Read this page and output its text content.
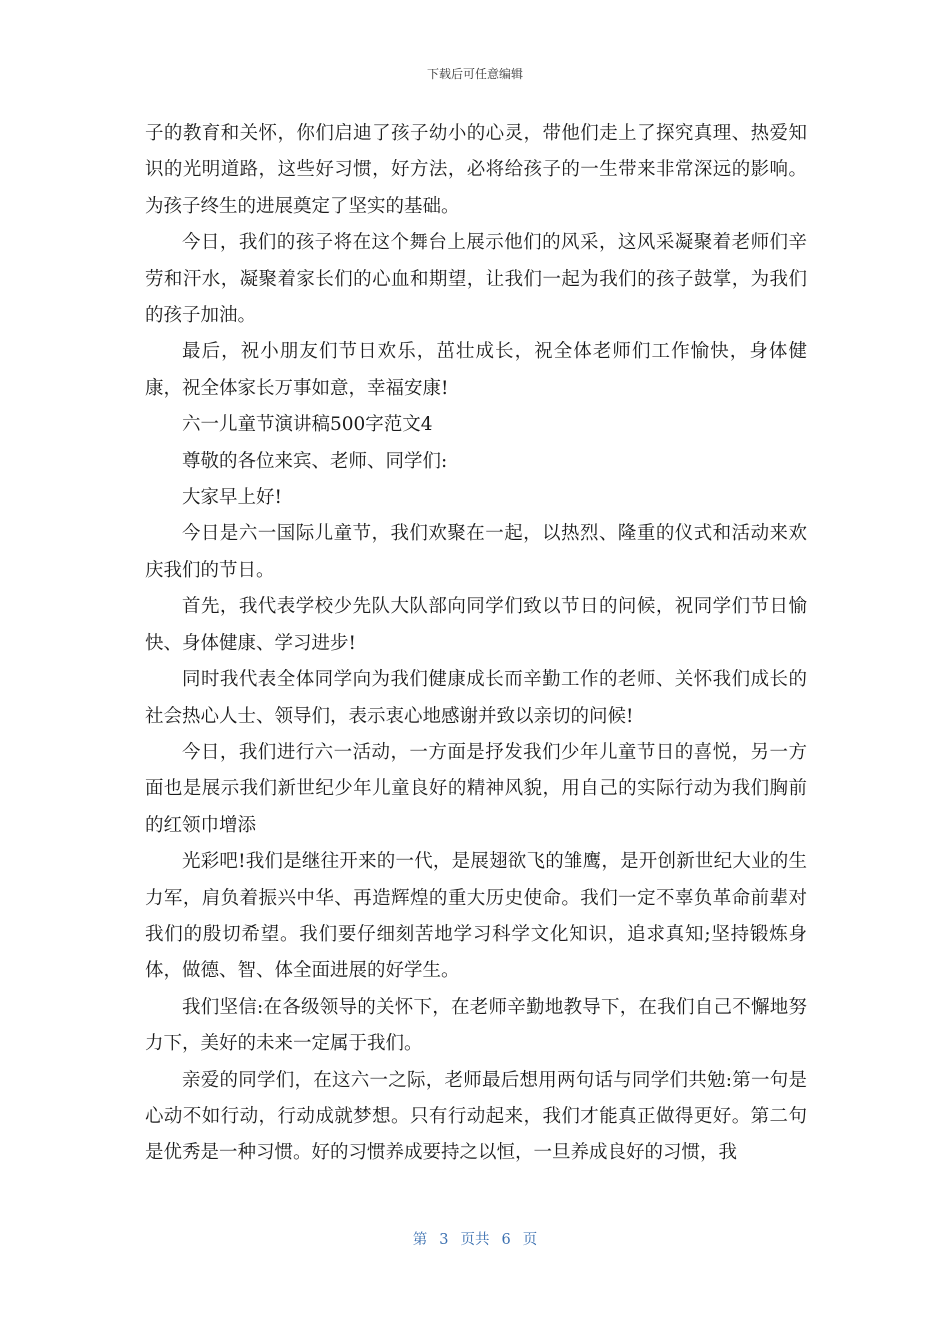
下载后可任意编辑

子的教育和关怀，你们启迪了孩子幼小的心灵，带他们走上了探究真理、热爱知识的光明道路，这些好习惯，好方法，必将给孩子的一生带来非常深远的影响。为孩子终生的进展奠定了坚实的基础。

今日，我们的孩子将在这个舞台上展示他们的风采，这风采凝聚着老师们辛劳和汗水，凝聚着家长们的心血和期望，让我们一起为我们的孩子鼓掌，为我们的孩子加油。

最后，祝小朋友们节日欢乐，茁壮成长，祝全体老师们工作愉快，身体健康，祝全体家长万事如意，幸福安康!

六一儿童节演讲稿500字范文4

尊敬的各位来宾、老师、同学们:

大家早上好!

今日是六一国际儿童节，我们欢聚在一起，以热烈、隆重的仪式和活动来欢庆我们的节日。

首先，我代表学校少先队大队部向同学们致以节日的问候，祝同学们节日愉快、身体健康、学习进步!

同时我代表全体同学向为我们健康成长而辛勤工作的老师、关怀我们成长的社会热心人士、领导们，表示衷心地感谢并致以亲切的问候!

今日，我们进行六一活动，一方面是抒发我们少年儿童节日的喜悦，另一方面也是展示我们新世纪少年儿童良好的精神风貌，用自己的实际行动为我们胸前的红领巾增添

光彩吧!我们是继往开来的一代，是展翅欲飞的雏鹰，是开创新世纪大业的生力军，肩负着振兴中华、再造辉煌的重大历史使命。我们一定不辜负革命前辈对我们的殷切希望。我们要仔细刻苦地学习科学文化知识，追求真知;坚持锻炼身体，做德、智、体全面进展的好学生。

我们坚信:在各级领导的关怀下，在老师辛勤地教导下，在我们自己不懈地努力下，美好的未来一定属于我们。

亲爱的同学们，在这六一之际，老师最后想用两句话与同学们共勉:第一句是心动不如行动，行动成就梦想。只有行动起来，我们才能真正做得更好。第二句是优秀是一种习惯。好的习惯养成要持之以恒，一旦养成良好的习惯，我

第 3 页共 6 页
